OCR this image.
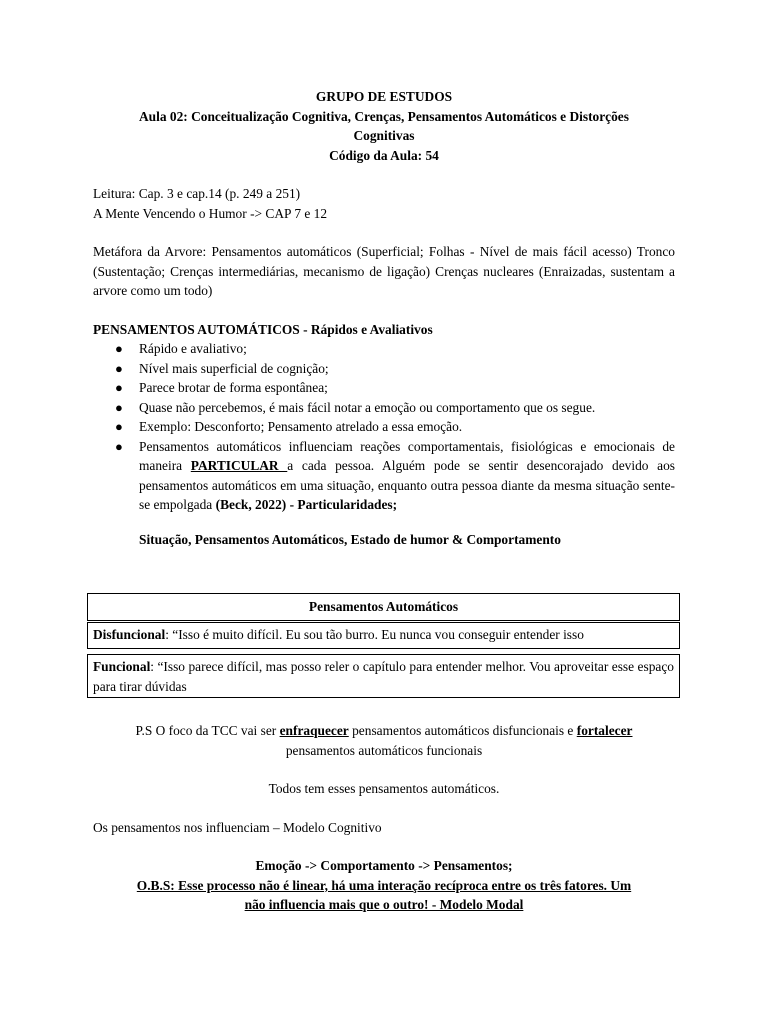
GRUPO DE ESTUDOS
Aula 02: Conceitualização Cognitiva, Crenças, Pensamentos Automáticos e Distorções
Cognitivas
Código da Aula: 54
Leitura: Cap. 3 e cap.14 (p. 249 a 251)
A Mente Vencendo o Humor -> CAP 7 e 12
Metáfora da Arvore: Pensamentos automáticos (Superficial; Folhas - Nível de mais fácil acesso) Tronco (Sustentação; Crenças intermediárias, mecanismo de ligação) Crenças nucleares (Enraizadas, sustentam a arvore como um todo)
PENSAMENTOS AUTOMÁTICOS - Rápidos e Avaliativos
● Rápido e avaliativo;
● Nível mais superficial de cognição;
● Parece brotar de forma espontânea;
● Quase não percebemos, é mais fácil notar a emoção ou comportamento que os segue.
● Exemplo: Desconforto; Pensamento atrelado a essa emoção.
● Pensamentos automáticos influenciam reações comportamentais, fisiológicas e emocionais de maneira PARTICULAR a cada pessoa. Alguém pode se sentir desencorajado devido aos pensamentos automáticos em uma situação, enquanto outra pessoa diante da mesma situação sente-se empolgada (Beck, 2022) - Particularidades;
Situação, Pensamentos Automáticos, Estado de humor & Comportamento
Pensamentos Automáticos
Disfuncional: “Isso é muito difícil. Eu sou tão burro. Eu nunca vou conseguir entender isso
Funcional: “Isso parece difícil, mas posso reler o capítulo para entender melhor. Vou aproveitar esse espaço para tirar dúvidas
P.S O foco da TCC vai ser enfraquecer pensamentos automáticos disfuncionais e fortalecer
pensamentos automáticos funcionais
Todos tem esses pensamentos automáticos.
Os pensamentos nos influenciam – Modelo Cognitivo
Emoção -> Comportamento -> Pensamentos;
O.B.S: Esse processo não é linear, há uma interação recíproca entre os três fatores. Um
não influencia mais que o outro! - Modelo Modal
